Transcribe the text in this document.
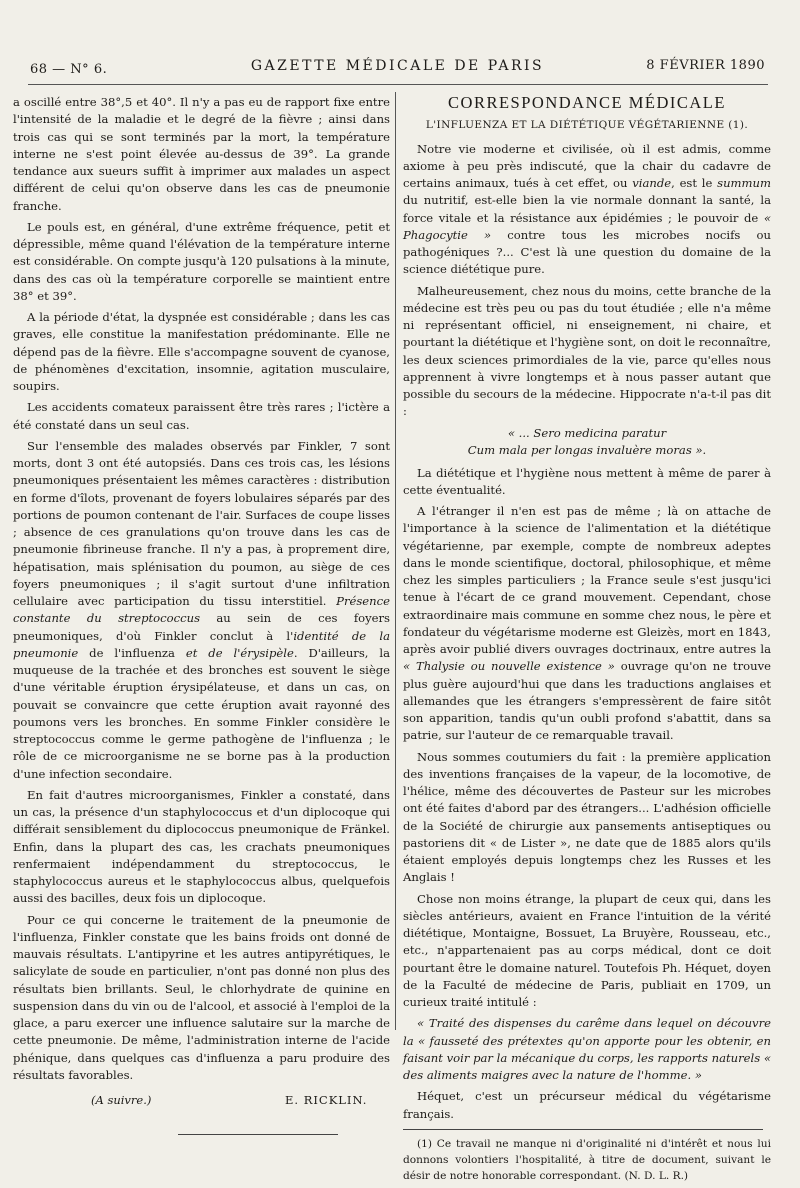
68 — N° 6.	GAZETTE MÉDICALE DE PARIS	8 FÉVRIER 1890

a oscillé entre 38°,5 et 40°. Il n'y a pas eu de rapport fixe entre l'intensité de la maladie et le degré de la fièvre ; ainsi dans trois cas qui se sont terminés par la mort, la température interne ne s'est point élevée au-dessus de 39°. La grande tendance aux sueurs suffit à imprimer aux malades un aspect différent de celui qu'on observe dans les cas de pneumonie franche.

Le pouls est, en général, d'une extrême fréquence, petit et dépressible, même quand l'élévation de la température interne est considérable. On compte jusqu'à 120 pulsations à la minute, dans des cas où la température corporelle se maintient entre 38° et 39°.

A la période d'état, la dyspnée est considérable ; dans les cas graves, elle constitue la manifestation prédominante. Elle ne dépend pas de la fièvre. Elle s'accompagne souvent de cyanose, de phénomènes d'excitation, insomnie, agitation musculaire, soupirs.

Les accidents comateux paraissent être très rares ; l'ictère a été constaté dans un seul cas.

Sur l'ensemble des malades observés par Finkler, 7 sont morts, dont 3 ont été autopsiés. Dans ces trois cas, les lésions pneumoniques présentaient les mêmes caractères : distribution en forme d'îlots, provenant de foyers lobulaires séparés par des portions de poumon contenant de l'air. Surfaces de coupe lisses ; absence de ces granulations qu'on trouve dans les cas de pneumonie fibrineuse franche. Il n'y a pas, à proprement dire, hépatisation, mais splénisation du poumon, au siège de ces foyers pneumoniques ; il s'agit surtout d'une infiltration cellulaire avec participation du tissu interstitiel. Présence constante du streptococcus au sein de ces foyers pneumoniques, d'où Finkler conclut à l'identité de la pneumonie de l'influenza et de l'érysipèle. D'ailleurs, la muqueuse de la trachée et des bronches est souvent le siège d'une véritable éruption érysipélateuse, et dans un cas, on pouvait se convaincre que cette éruption avait rayonné des poumons vers les bronches. En somme Finkler considère le streptococcus comme le germe pathogène de l'influenza ; le rôle de ce microorganisme ne se borne pas à la production d'une infection secondaire.

En fait d'autres microorganismes, Finkler a constaté, dans un cas, la présence d'un staphylococcus et d'un diplocoque qui différait sensiblement du diplococcus pneumonique de Fränkel. Enfin, dans la plupart des cas, les crachats pneumoniques renfermaient indépendamment du streptococcus, le staphylococcus aureus et le staphylococcus albus, quelquefois aussi des bacilles, deux fois un diplocoque.

Pour ce qui concerne le traitement de la pneumonie de l'influenza, Finkler constate que les bains froids ont donné de mauvais résultats. L'antipyrine et les autres antipyrétiques, le salicylate de soude en particulier, n'ont pas donné non plus des résultats bien brillants. Seul, le chlorhydrate de quinine en suspension dans du vin ou de l'alcool, et associé à l'emploi de la glace, a paru exercer une influence salutaire sur la marche de cette pneumonie. De même, l'administration interne de l'acide phénique, dans quelques cas d'influenza a paru produire des résultats favorables.

(A suivre.)	E. RICKLIN.
CORRESPONDANCE MÉDICALE
L'INFLUENZA ET LA DIÉTÉTIQUE VÉGÉTARIENNE (1).

Notre vie moderne et civilisée, où il est admis, comme axiome à peu près indiscuté, que la chair du cadavre de certains animaux, tués à cet effet, ou viande, est le summum du nutritif, est-elle bien la vie normale donnant la santé, la force vitale et la résistance aux épidémies ; le pouvoir de « Phagocytie » contre tous les microbes nocifs ou pathogéniques ?... C'est là une question du domaine de la science diététique pure.

Malheureusement, chez nous du moins, cette branche de la médecine est très peu ou pas du tout étudiée ; elle n'a même ni représentant officiel, ni enseignement, ni chaire, et pourtant la diététique et l'hygiène sont, on doit le reconnaître, les deux sciences primordiales de la vie, parce qu'elles nous apprennent à vivre longtemps et à nous passer autant que possible du secours de la médecine. Hippocrate n'a-t-il pas dit :

« ... Sero medicina paratur
Cum mala per longas invaluère moras ».

La diététique et l'hygiène nous mettent à même de parer à cette éventualité.

A l'étranger il n'en est pas de même ; là on attache de l'importance à la science de l'alimentation et la diététique végétarienne, par exemple, compte de nombreux adeptes dans le monde scientifique, doctoral, philosophique, et même chez les simples particuliers ; la France seule s'est jusqu'ici tenue à l'écart de ce grand mouvement. Cependant, chose extraordinaire mais commune en somme chez nous, le père et fondateur du végétarisme moderne est Gleizès, mort en 1843, après avoir publié divers ouvrages doctrinaux, entre autres la « Thalysie ou nouvelle existence » ouvrage qu'on ne trouve plus guère aujourd'hui que dans les traductions anglaises et allemandes que les étrangers s'empressèrent de faire sitôt son apparition, tandis qu'un oubli profond s'abattit, dans sa patrie, sur l'auteur de ce remarquable travail.

Nous sommes coutumiers du fait : la première application des inventions françaises de la vapeur, de la locomotive, de l'hélice, même des découvertes de Pasteur sur les microbes ont été faites d'abord par des étrangers... L'adhésion officielle de la Société de chirurgie aux pansements antiseptiques ou pastoriens dit « de Lister », ne date que de 1885 alors qu'ils étaient employés depuis longtemps chez les Russes et les Anglais !

Chose non moins étrange, la plupart de ceux qui, dans les siècles antérieurs, avaient en France l'intuition de la vérité diététique, Montaigne, Bossuet, La Bruyère, Rousseau, etc., etc., n'appartenaient pas au corps médical, dont ce doit pourtant être le domaine naturel. Toutefois Ph. Héquet, doyen de la Faculté de médecine de Paris, publiait en 1709, un curieux traité intitulé :

« Traité des dispenses du carême dans lequel on découvre la « fausseté des prétextes qu'on apporte pour les obtenir, en faisant voir par la mécanique du corps, les rapports naturels « des aliments maigres avec la nature de l'homme. »

Héquet, c'est un précurseur médical du végétarisme français.

(1) Ce travail ne manque ni d'originalité ni d'intérêt et nous lui donnons volontiers l'hospitalité, à titre de document, suivant le désir de notre honorable correspondant. (N. D. L. R.)
